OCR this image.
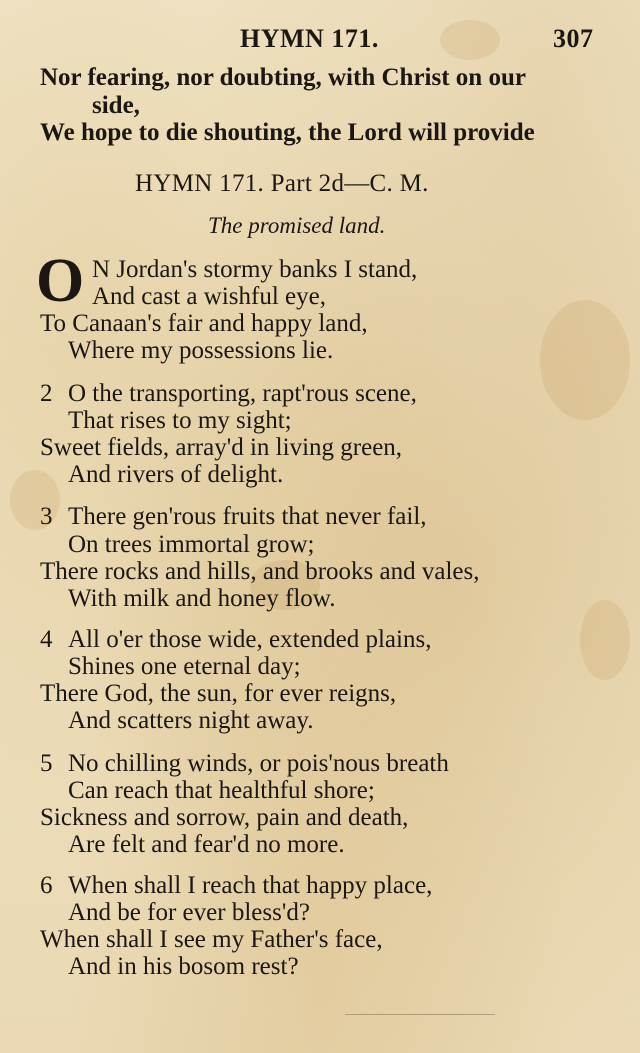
HYMN 171.	307
Nor fearing, nor doubting, with Christ on our
side,
We hope to die shouting, the Lord will provide
HYMN 171. Part 2d—C. M.
The promised land.
O N Jordan's stormy banks I stand,
And cast a wishful eye,
To Canaan's fair and happy land,
Where my possessions lie.
2 O the transporting, rapt'rous scene,
That rises to my sight;
Sweet fields, array'd in living green,
And rivers of delight.
3 There gen'rous fruits that never fail,
On trees immortal grow;
There rocks and hills, and brooks and vales,
With milk and honey flow.
4 All o'er those wide, extended plains,
Shines one eternal day;
There God, the sun, for ever reigns,
And scatters night away.
5 No chilling winds, or pois'nous breath
Can reach that healthful shore;
Sickness and sorrow, pain and death,
Are felt and fear'd no more.
6 When shall I reach that happy place,
And be for ever bless'd?
When shall I see my Father's face,
And in his bosom rest?
